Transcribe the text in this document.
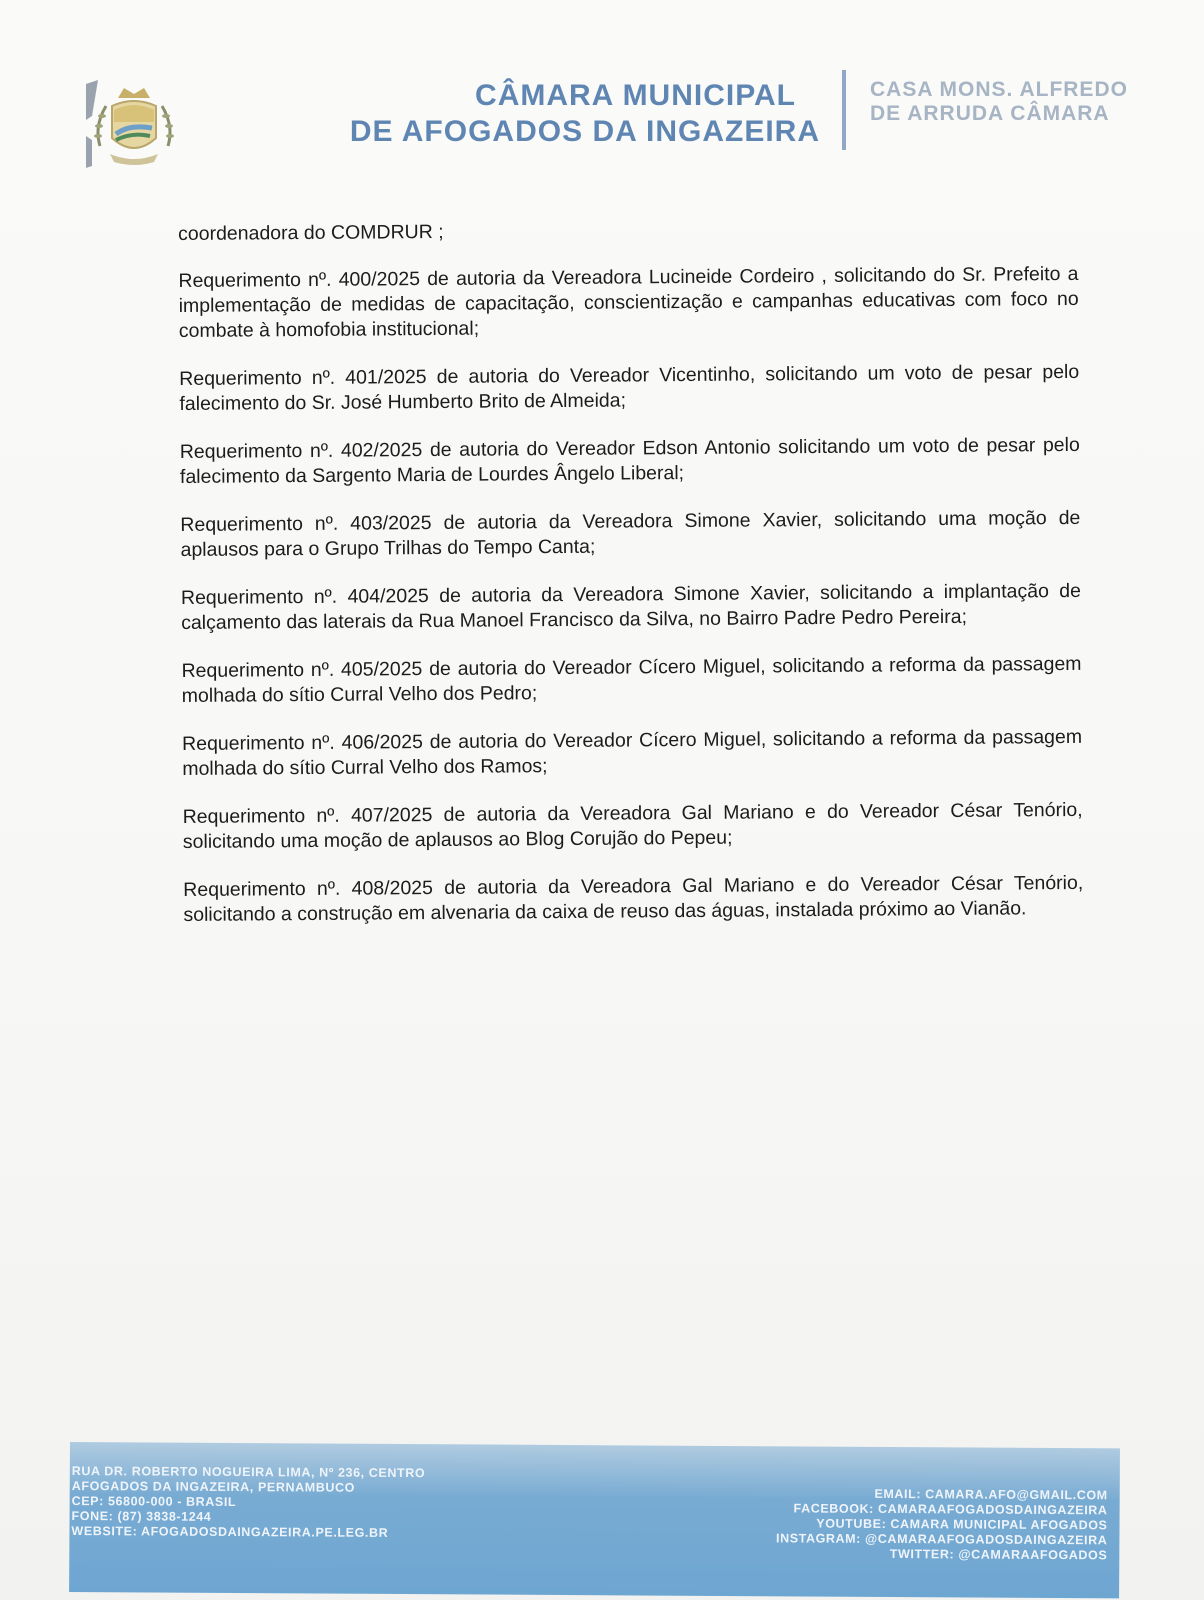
CÂMARA MUNICIPAL
DE AFOGADOS DA INGAZEIRA
CASA MONS. ALFREDO
DE ARRUDA CÂMARA

coordenadora do COMDRUR ;

Requerimento nº. 400/2025 de autoria da Vereadora Lucineide Cordeiro , solicitando do Sr. Prefeito a implementação de medidas de capacitação, conscientização e campanhas educativas com foco no combate à homofobia institucional;

Requerimento nº. 401/2025 de autoria do Vereador Vicentinho, solicitando um voto de pesar pelo falecimento do Sr. José Humberto Brito de Almeida;

Requerimento nº. 402/2025 de autoria do Vereador Edson Antonio solicitando um voto de pesar pelo falecimento da Sargento Maria de Lourdes Ângelo Liberal;

Requerimento nº. 403/2025 de autoria da Vereadora Simone Xavier, solicitando uma moção de aplausos para o Grupo Trilhas do Tempo Canta;

Requerimento nº. 404/2025 de autoria da Vereadora Simone Xavier, solicitando a implantação de calçamento das laterais da Rua Manoel Francisco da Silva, no Bairro Padre Pedro Pereira;

Requerimento nº. 405/2025 de autoria do Vereador Cícero Miguel, solicitando a reforma da passagem molhada do sítio Curral Velho dos Pedro;

Requerimento nº. 406/2025 de autoria do Vereador Cícero Miguel, solicitando a reforma da passagem molhada do sítio Curral Velho dos Ramos;

Requerimento nº. 407/2025 de autoria da Vereadora Gal Mariano e do Vereador César Tenório, solicitando uma moção de aplausos ao Blog Corujão do Pepeu;

Requerimento nº. 408/2025 de autoria da Vereadora Gal Mariano e do Vereador César Tenório, solicitando a construção em alvenaria da caixa de reuso das águas, instalada próximo ao Vianão.

RUA DR. ROBERTO NOGUEIRA LIMA, Nº 236, CENTRO
AFOGADOS DA INGAZEIRA, PERNAMBUCO
CEP: 56800-000 - BRASIL
FONE: (87) 3838-1244
WEBSITE: AFOGADOSDAINGAZEIRA.PE.LEG.BR
EMAIL: CAMARA.AFO@GMAIL.COM
FACEBOOK: CAMARAAFOGADOSDAINGAZEIRA
YOUTUBE: CAMARA MUNICIPAL AFOGADOS
INSTAGRAM: @CAMARAAFOGADOSDAINGAZEIRA
TWITTER: @CAMARAAFOGADOS
